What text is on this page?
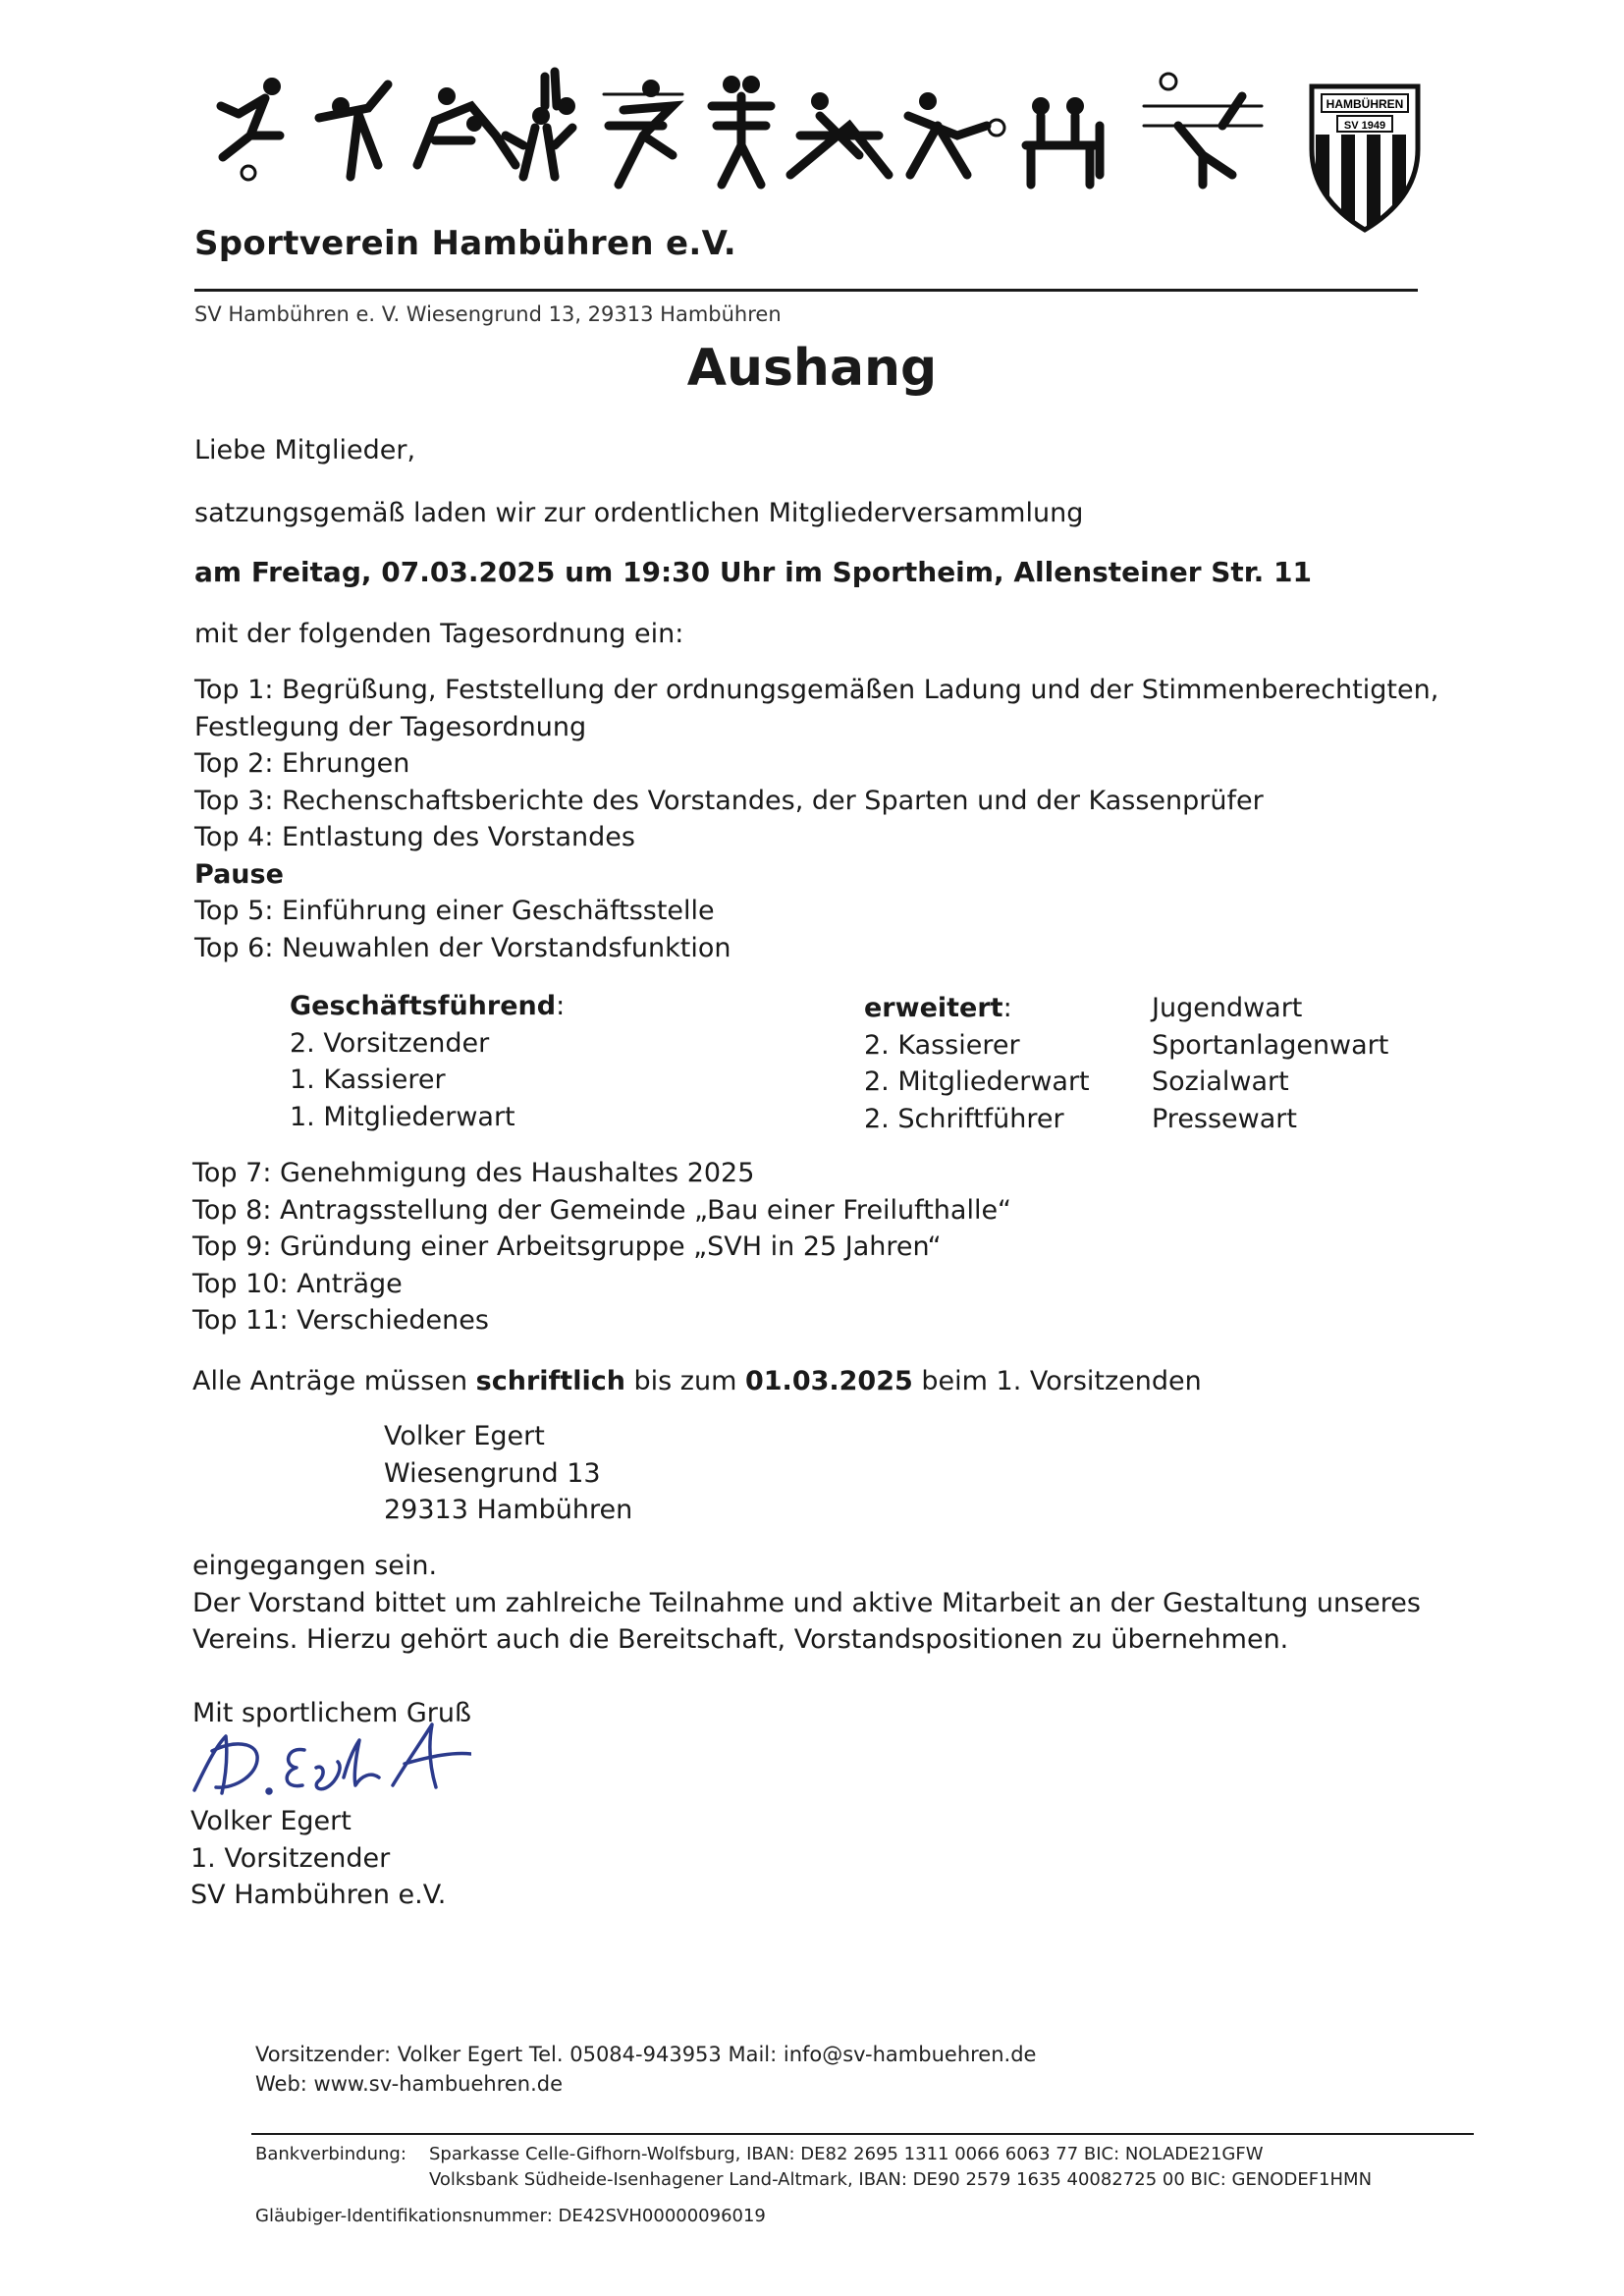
HAMBÜHREN
SV 1949
Sportverein Hambühren e.V.
SV Hambühren e. V. Wiesengrund 13, 29313 Hambühren
Aushang
Liebe Mitglieder,
satzungsgemäß laden wir zur ordentlichen Mitgliederversammlung
am Freitag, 07.03.2025 um 19:30 Uhr im Sportheim, Allensteiner Str. 11
mit der folgenden Tagesordnung ein:
Top 1: Begrüßung, Feststellung der ordnungsgemäßen Ladung und der Stimmenberechtigten,
Festlegung der Tagesordnung
Top 2: Ehrungen
Top 3: Rechenschaftsberichte des Vorstandes, der Sparten und der Kassenprüfer
Top 4: Entlastung des Vorstandes
Pause
Top 5: Einführung einer Geschäftsstelle
Top 6: Neuwahlen der Vorstandsfunktion
Geschäftsführend:
2. Vorsitzender
1. Kassierer
1. Mitgliederwart
erweitert:
2. Kassierer
2. Mitgliederwart
2. Schriftführer
Jugendwart
Sportanlagenwart
Sozialwart
Pressewart
Top 7: Genehmigung des Haushaltes 2025
Top 8: Antragsstellung der Gemeinde „Bau einer Freilufthalle“
Top 9: Gründung einer Arbeitsgruppe „SVH in 25 Jahren“
Top 10: Anträge
Top 11: Verschiedenes
Alle Anträge müssen schriftlich bis zum 01.03.2025 beim 1. Vorsitzenden
Volker Egert
Wiesengrund 13
29313 Hambühren
eingegangen sein.
Der Vorstand bittet um zahlreiche Teilnahme und aktive Mitarbeit an der Gestaltung unseres
Vereins. Hierzu gehört auch die Bereitschaft, Vorstandspositionen zu übernehmen.
Mit sportlichem Gruß
Volker Egert
1. Vorsitzender
SV Hambühren e.V.
Vorsitzender: Volker Egert Tel. 05084-943953 Mail: info@sv-hambuehren.de
Web: www.sv-hambuehren.de
Bankverbindung: Sparkasse Celle-Gifhorn-Wolfsburg, IBAN: DE82 2695 1311 0066 6063 77 BIC: NOLADE21GFW
Volksbank Südheide-Isenhagener Land-Altmark, IBAN: DE90 2579 1635 40082725 00 BIC: GENODEF1HMN
Gläubiger-Identifikationsnummer: DE42SVH00000096019
